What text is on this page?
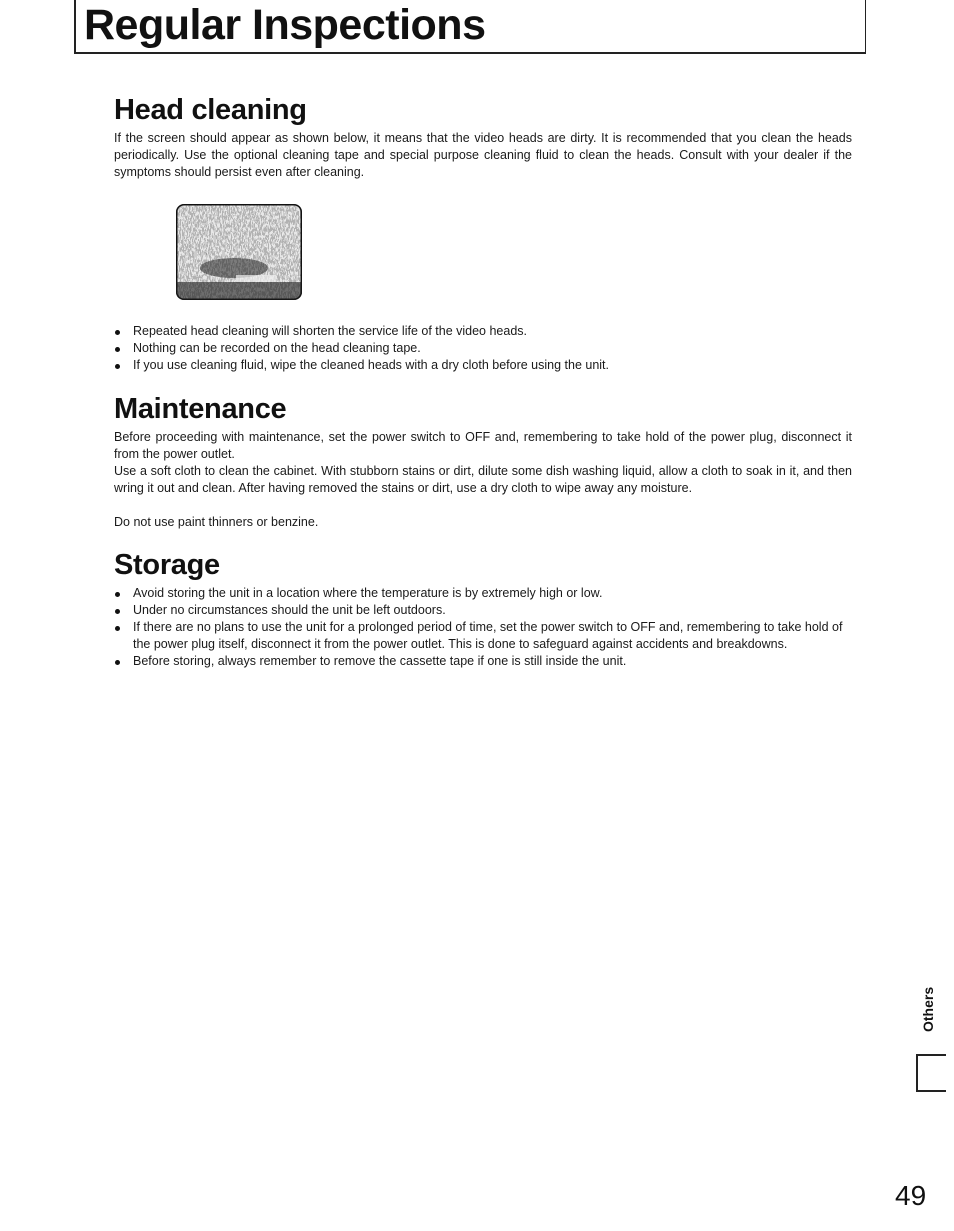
Regular Inspections
Head cleaning

If the screen should appear as shown below, it means that the video heads are dirty. It is recommended that you clean the heads periodically. Use the optional cleaning tape and special purpose cleaning fluid to clean the heads. Consult with your dealer if the symptoms should persist even after cleaning.

Repeated head cleaning will shorten the service life of the video heads.
Nothing can be recorded on the head cleaning tape.
If you use cleaning fluid, wipe the cleaned heads with a dry cloth before using the unit.
Maintenance

Before proceeding with maintenance, set the power switch to OFF and, remembering to take hold of the power plug, disconnect it from the power outlet.

Use a soft cloth to clean the cabinet. With stubborn stains or dirt, dilute some dish washing liquid, allow a cloth to soak in it, and then wring it out and clean. After having removed the stains or dirt, use a dry cloth to wipe away any moisture.

Do not use paint thinners or benzine.

Storage
Avoid storing the unit in a location where the temperature is by extremely high or low.
Under no circumstances should the unit be left outdoors.
If there are no plans to use the unit for a prolonged period of time, set the power switch to OFF and, remembering to take hold of the power plug itself, disconnect it from the power outlet. This is done to safeguard against accidents and breakdowns.
Before storing, always remember to remove the cassette tape if one is still inside the unit.
Others
49
